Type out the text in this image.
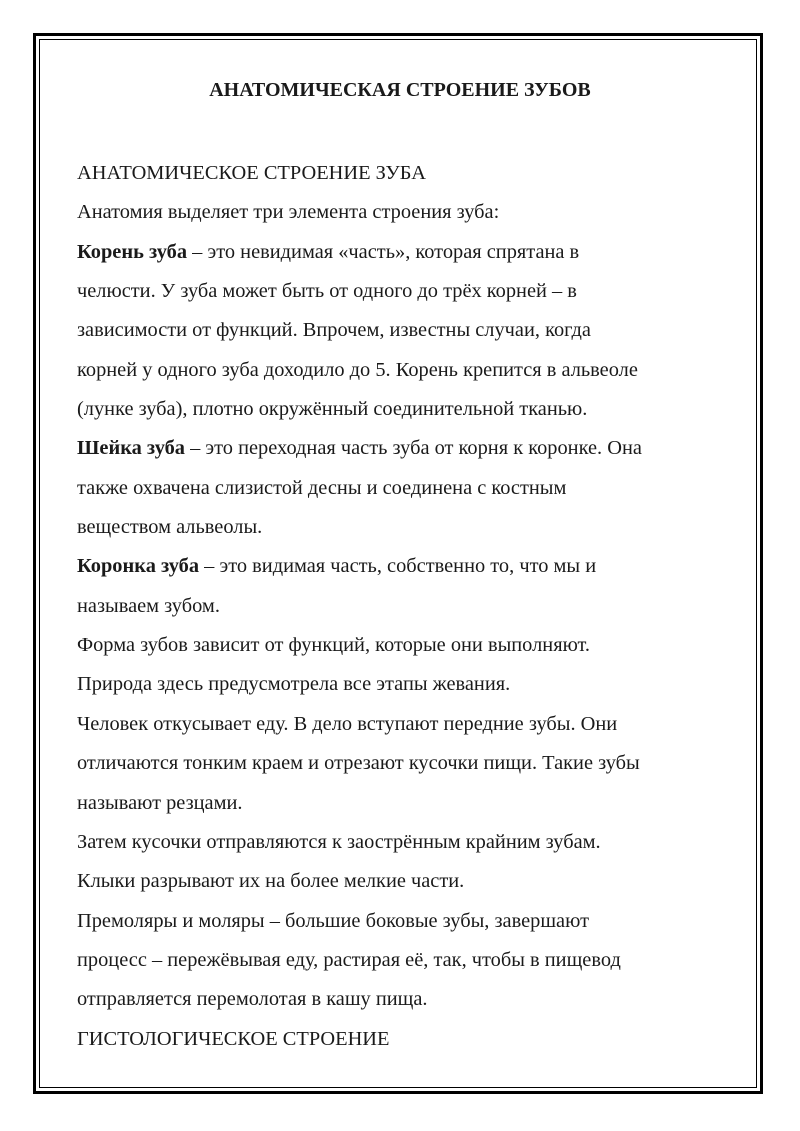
АНАТОМИЧЕСКАЯ СТРОЕНИЕ ЗУБОВ
АНАТОМИЧЕСКОЕ СТРОЕНИЕ ЗУБА
Анатомия выделяет три элемента строения зуба:
Корень зуба – это невидимая «часть», которая спрятана в
челюсти. У зуба может быть от одного до трёх корней – в
зависимости от функций. Впрочем, известны случаи, когда
корней у одного зуба доходило до 5. Корень крепится в альвеоле
(лунке зуба), плотно окружённый соединительной тканью.
Шейка зуба – это переходная часть зуба от корня к коронке. Она
также охвачена слизистой десны и соединена с костным
веществом альвеолы.
Коронка зуба – это видимая часть, собственно то, что мы и
называем зубом.
Форма зубов зависит от функций, которые они выполняют.
Природа здесь предусмотрела все этапы жевания.
Человек откусывает еду. В дело вступают передние зубы. Они
отличаются тонким краем и отрезают кусочки пищи. Такие зубы
называют резцами.
Затем кусочки отправляются к заострённым крайним зубам.
Клыки разрывают их на более мелкие части.
Премоляры и моляры – большие боковые зубы, завершают
процесс – пережёвывая еду, растирая её, так, чтобы в пищевод
отправляется перемолотая в кашу пища.
ГИСТОЛОГИЧЕСКОЕ СТРОЕНИЕ
